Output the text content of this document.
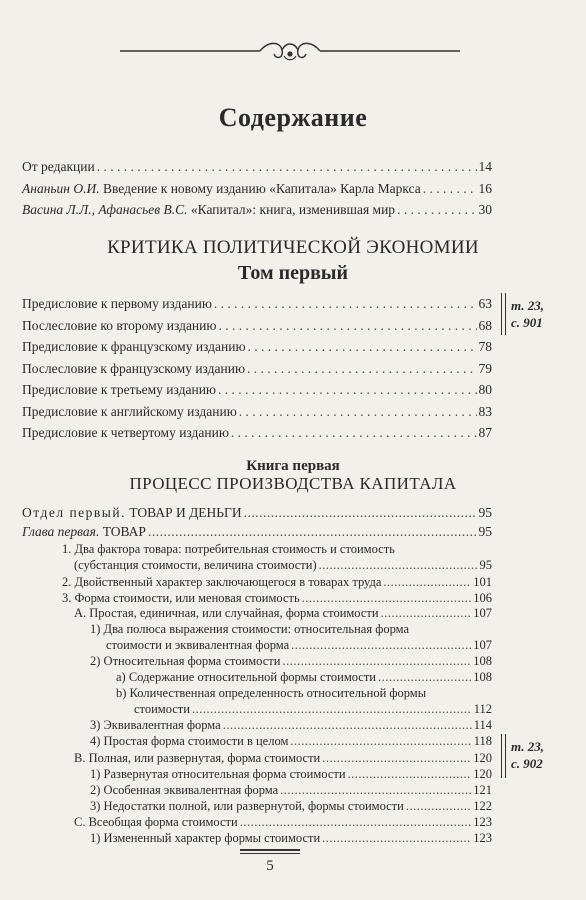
Содержание
От редакции . . .	14
Ананьин О.И. Введение к новому изданию «Капитала» Карла Маркса . . .	16
Васина Л.Л., Афанасьев В.С. «Капитал»: книга, изменившая мир . . .	30
КРИТИКА ПОЛИТИЧЕСКОЙ ЭКОНОМИИ
Том первый
Предисловие к первому изданию . . .	63
Послесловие ко второму изданию . . .	68
Предисловие к французскому изданию . . .	78
Послесловие к французскому изданию . . .	79
Предисловие к третьему изданию . . .	80
Предисловие к английскому изданию . . .	83
Предисловие к четвертому изданию . . .	87
т. 23,
с. 901
Книга первая
ПРОЦЕСС ПРОИЗВОДСТВА КАПИТАЛА
Отдел первый. ТОВАР И ДЕНЬГИ .....	95
Глава первая. ТОВАР .....	95
1. Два фактора товара: потребительная стоимость и стоимость
(субстанция стоимости, величина стоимости) .....	95
2. Двойственный характер заключающегося в товарах труда .....	101
3. Форма стоимости, или меновая стоимость .....	106
A. Простая, единичная, или случайная, форма стоимости .....	107
1) Два полюса выражения стоимости: относительная форма
стоимости и эквивалентная форма .....	107
2) Относительная форма стоимости .....	108
a) Содержание относительной формы стоимости .....	108
b) Количественная определенность относительной формы
стоимости .....	112
3) Эквивалентная форма .....	114
4) Простая форма стоимости в целом .....	118
B. Полная, или развернутая, форма стоимости .....	120
1) Развернутая относительная форма стоимости .....	120
2) Особенная эквивалентная форма .....	121
3) Недостатки полной, или развернутой, формы стоимости .....	122
C. Всеобщая форма стоимости .....	123
1) Измененный характер формы стоимости .....	123
т. 23,
с. 902
5
